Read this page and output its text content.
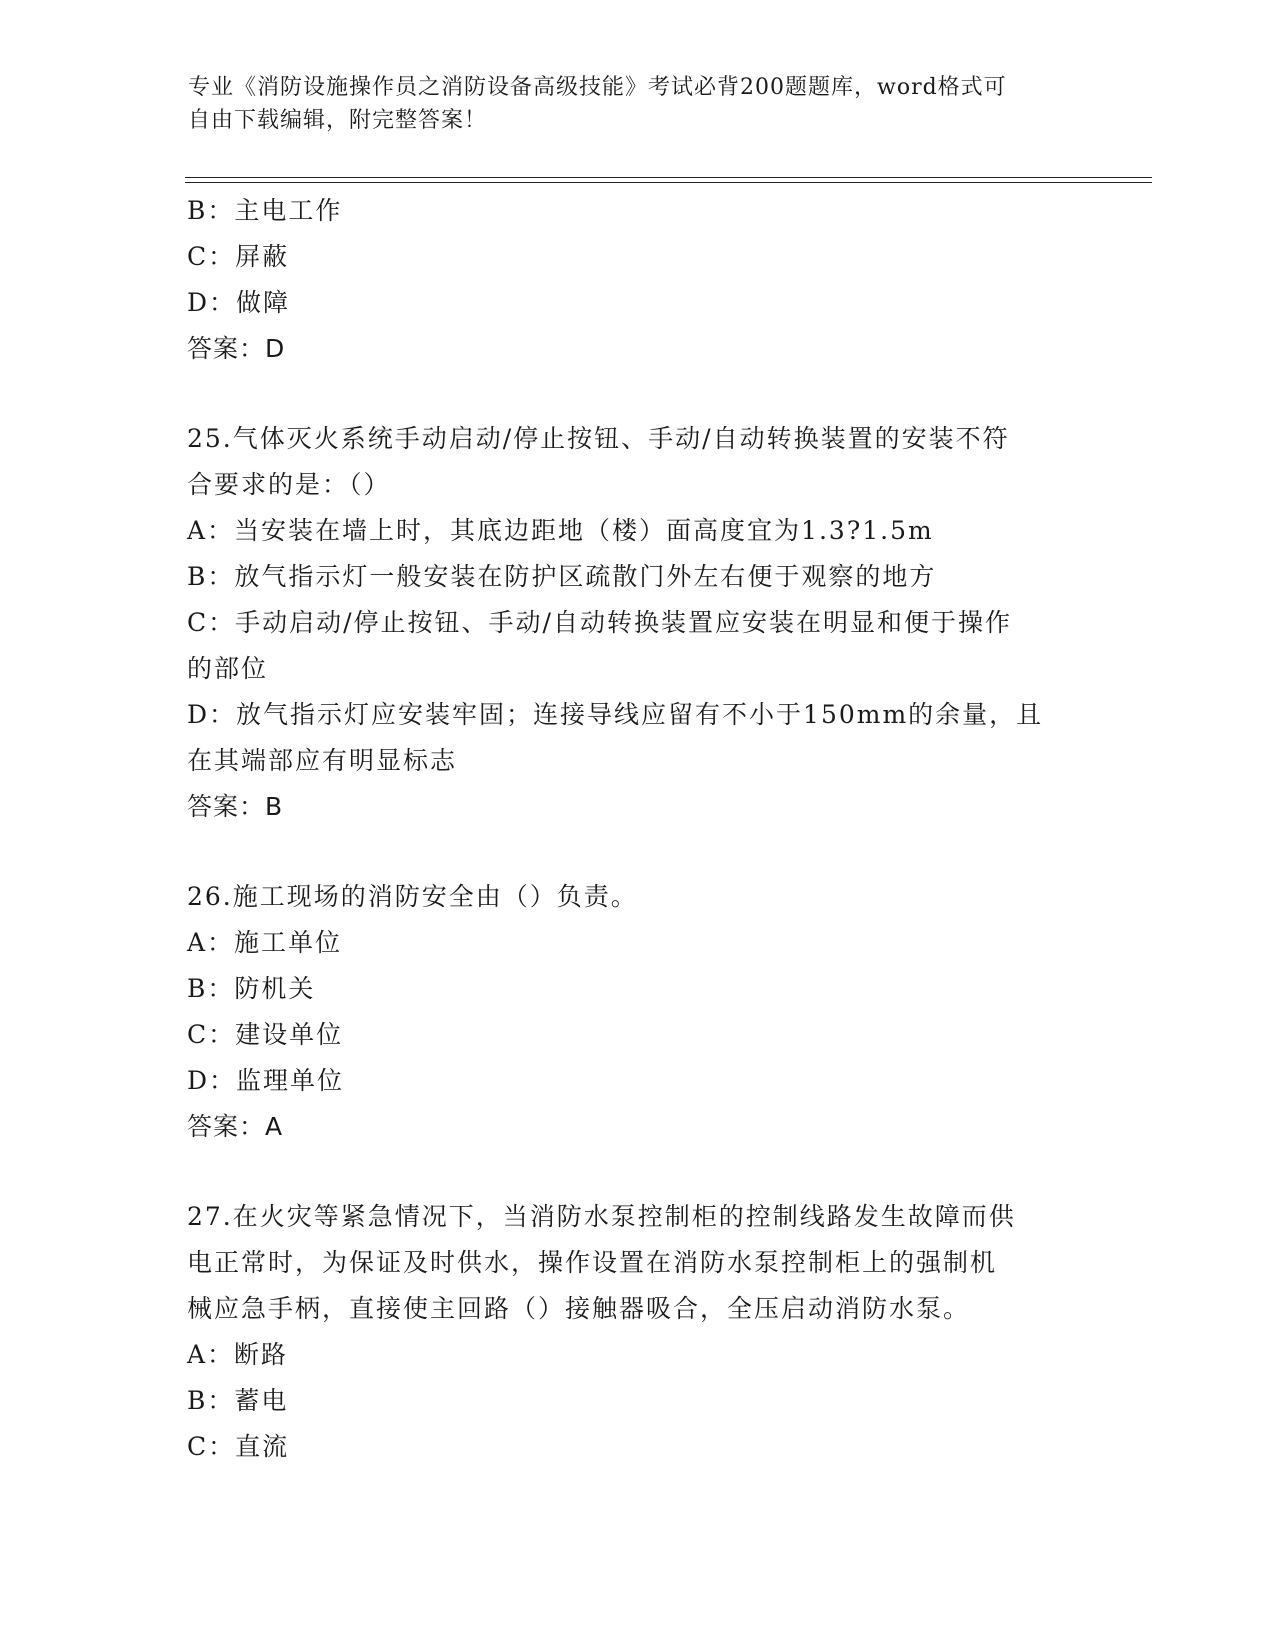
专业《消防设施操作员之消防设备高级技能》考试必背200题题库，word格式可
自由下载编辑，附完整答案！
B：主电工作
C：屏蔽
D：做障
答案：D
25.气体灭火系统手动启动/停止按钮、手动/自动转换装置的安装不符
合要求的是：（）
A：当安装在墙上时，其底边距地（楼）面高度宜为1.3?1.5m
B：放气指示灯一般安装在防护区疏散门外左右便于观察的地方
C：手动启动/停止按钮、手动/自动转换装置应安装在明显和便于操作
的部位
D：放气指示灯应安装牢固；连接导线应留有不小于150mm的余量，且
在其端部应有明显标志
答案：B
26.施工现场的消防安全由（）负责。
A：施工单位
B：防机关
C：建设单位
D：监理单位
答案：A
27.在火灾等紧急情况下，当消防水泵控制柜的控制线路发生故障而供
电正常时，为保证及时供水，操作设置在消防水泵控制柜上的强制机
械应急手柄，直接使主回路（）接触器吸合，全压启动消防水泵。
A：断路
B：蓄电
C：直流
